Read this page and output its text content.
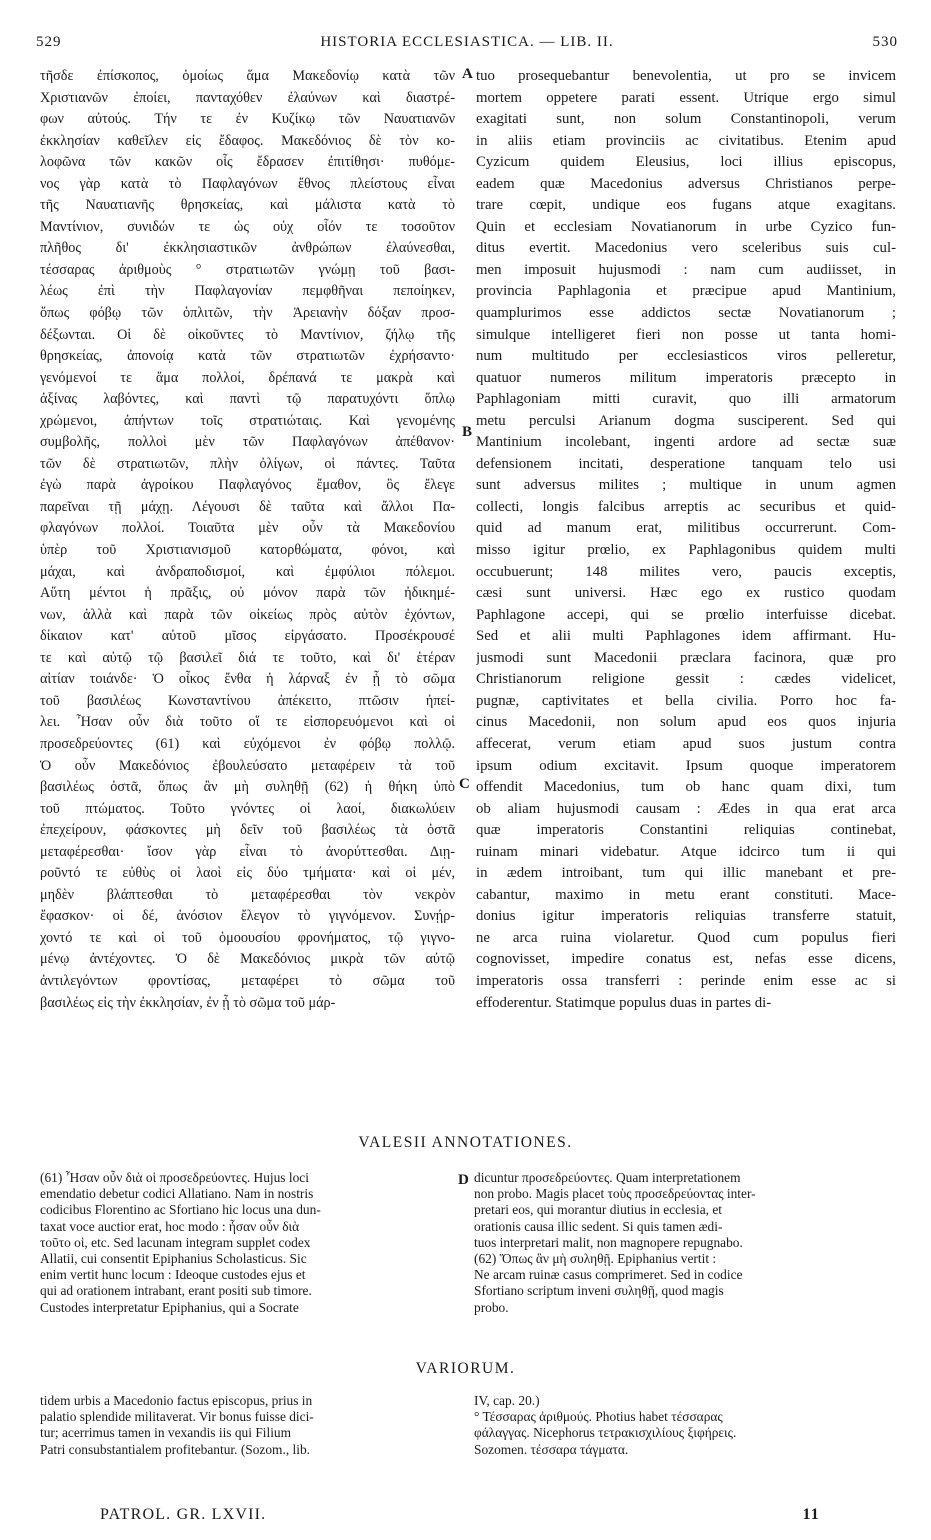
529	HISTORIA ECCLESIASTICA. — LIB. II.	530
τῆσδε ἐπίσκοπος, ὁμοίως ἅμα Μακεδονίῳ κατὰ τῶν
Χριστιανῶν ἐποίει, πανταχόθεν ἐλαύνων καὶ διαστρέ-
φων αὐτούς. Τήν τε ἐν Κυζίκῳ τῶν Ναυατιανῶν
ἐκκλησίαν καθεῖλεν εἰς ἔδαφος. Μακεδόνιος δὲ τὸν κο-
λοφῶνα τῶν κακῶν οἷς ἔδρασεν ἐπιτίθησι· πυθόμε-
νος γὰρ κατὰ τὸ Παφλαγόνων ἔθνος πλείστους εἶναι
τῆς Ναυατιανῆς θρησκείας, καὶ μάλιστα κατὰ τὸ
Μαντίνιον, συνιδών τε ὡς οὐχ οἷόν τε τοσοῦτον
πλῆθος δι' ἐκκλησιαστικῶν ἀνθρώπων ἐλαύνεσθαι,
τέσσαρας ἀριθμοὺς ° στρατιωτῶν γνώμῃ τοῦ βασι-
λέως ἐπὶ τὴν Παφλαγονίαν πεμφθῆναι πεποίηκεν,
ὅπως φόβῳ τῶν ὁπλιτῶν, τὴν Ἀρειανὴν δόξαν προσ-
δέξωνται. Οἱ δὲ οἰκοῦντες τὸ Μαντίνιον, ζήλῳ τῆς
θρησκείας, ἀπονοίᾳ κατὰ τῶν στρατιωτῶν ἐχρήσαντο·
γενόμενοί τε ἅμα πολλοί, δρέπανά τε μακρὰ καὶ
ἀξίνας λαβόντες, καὶ παντὶ τῷ παρατυχόντι ὅπλῳ
χρώμενοι, ἀπήντων τοῖς στρατιώταις. Καὶ γενομένης
συμβολῆς, πολλοὶ μὲν τῶν Παφλαγόνων ἀπέθανον·
τῶν δὲ στρατιωτῶν, πλὴν ὀλίγων, οἱ πάντες. Ταῦτα
ἐγὼ παρὰ ἀγροίκου Παφλαγόνος ἔμαθον, ὃς ἔλεγε
παρεῖναι τῇ μάχῃ. Λέγουσι δὲ ταῦτα καὶ ἄλλοι Πα-
φλαγόνων πολλοί. Τοιαῦτα μὲν οὖν τὰ Μακεδονίου
ὑπὲρ τοῦ Χριστιανισμοῦ κατορθώματα, φόνοι, καὶ
μάχαι, καὶ ἀνδραποδισμοί, καὶ ἐμφύλιοι πόλεμοι.
Αὕτη μέντοι ἡ πρᾶξις, οὐ μόνον παρὰ τῶν ἠδικημέ-
νων, ἀλλὰ καὶ παρὰ τῶν οἰκείως πρὸς αὐτὸν ἐχόντων,
δίκαιον κατ' αὐτοῦ μῖσος εἰργάσατο. Προσέκρουσέ
τε καὶ αὐτῷ τῷ βασιλεῖ διά τε τοῦτο, καὶ δι' ἑτέραν
αἰτίαν τοιάνδε· Ὁ οἶκος ἔνθα ἡ λάρναξ ἐν ᾗ τὸ σῶμα
τοῦ βασιλέως Κωνσταντίνου ἀπέκειτο, πτῶσιν ἠπεί-
λει. Ἦσαν οὖν διὰ τοῦτο οἵ τε εἰσπορευόμενοι καὶ οἱ
προσεδρεύοντες (61) καὶ εὐχόμενοι ἐν φόβῳ πολλῷ.
Ὁ οὖν Μακεδόνιος ἐβουλεύσατο μεταφέρειν τὰ τοῦ
βασιλέως ὀστᾶ, ὅπως ἂν μὴ συληθῇ (62) ἡ θήκη ὑπὸ
τοῦ πτώματος. Τοῦτο γνόντες οἱ λαοί, διακωλύειν
ἐπεχείρουν, φάσκοντες μὴ δεῖν τοῦ βασιλέως τὰ ὀστᾶ
μεταφέρεσθαι· ἴσον γὰρ εἶναι τὸ ἀνορύττεσθαι. Διῃ-
ροῦντό τε εὐθὺς οἱ λαοὶ εἰς δύο τμήματα· καὶ οἱ μέν,
μηδὲν βλάπτεσθαι τὸ μεταφέρεσθαι τὸν νεκρὸν
ἔφασκον· οἱ δέ, ἀνόσιον ἔλεγον τὸ γιγνόμενον. Συνῄρ-
χοντό τε καὶ οἱ τοῦ ὁμοουσίου φρονήματος, τῷ γιγνο-
μένῳ ἀντέχοντες. Ὁ δὲ Μακεδόνιος μικρὰ τῶν αὐτῷ
ἀντιλεγόντων φροντίσας, μεταφέρει τὸ σῶμα τοῦ
βασιλέως εἰς τὴν ἐκκλησίαν, ἐν ᾗ τὸ σῶμα τοῦ μάρ-
tuo prosequebantur benevolentia, ut pro se invicem
mortem oppetere parati essent. Utrique ergo simul
exagitati sunt, non solum Constantinopoli, verum
in aliis etiam provinciis ac civitatibus. Etenim apud
Cyzicum quidem Eleusius, loci illius episcopus,
eadem quæ Macedonius adversus Christianos perpe-
trare cœpit, undique eos fugans atque exagitans.
Quin et ecclesiam Novatianorum in urbe Cyzico fun-
ditus evertit. Macedonius vero sceleribus suis cul-
men imposuit hujusmodi : nam cum audiisset, in
provincia Paphlagonia et præcipue apud Mantinium,
quamplurimos esse addictos sectæ Novatianorum ;
simulque intelligeret fieri non posse ut tanta homi-
num multitudo per ecclesiasticos viros pelleretur,
quatuor numeros militum imperatoris præcepto in
Paphlagoniam mitti curavit, quo illi armatorum
metu perculsi Arianum dogma susciperent. Sed qui
Mantinium incolebant, ingenti ardore ad sectæ suæ
defensionem incitati, desperatione tanquam telo usi
sunt adversus milites ; multique in unum agmen
collecti, longis falcibus arreptis ac securibus et quid-
quid ad manum erat, militibus occurrerunt. Com-
misso igitur prœlio, ex Paphlagonibus quidem multi
occubuerunt; 148 milites vero, paucis exceptis,
cæsi sunt universi. Hæc ego ex rustico quodam
Paphlagone accepi, qui se prœlio interfuisse dicebat.
Sed et alii multi Paphlagones idem affirmant. Hu-
jusmodi sunt Macedonii præclara facinora, quæ pro
Christianorum religione gessit : cædes videlicet,
pugnæ, captivitates et bella civilia. Porro hoc fa-
cinus Macedonii, non solum apud eos quos injuria
affecerat, verum etiam apud suos justum contra
ipsum odium excitavit. Ipsum quoque imperatorem
offendit Macedonius, tum ob hanc quam dixi, tum
ob aliam hujusmodi causam : Ædes in qua erat arca
quæ imperatoris Constantini reliquias continebat,
ruinam minari videbatur. Atque idcirco tum ii qui
in ædem introibant, tum qui illic manebant et pre-
cabantur, maximo in metu erant constituti. Mace-
donius igitur imperatoris reliquias transferre statuit,
ne arca ruina violaretur. Quod cum populus fieri
cognovisset, impedire conatus est, nefas esse dicens,
imperatoris ossa transferri : perinde enim esse ac si
effoderentur. Statimque populus duas in partes di-
A
B
C
D
VALESII ANNOTATIONES.
(61) Ἦσαν οὖν διὰ οἱ προσεδρεύοντες. Hujus loci
emendatio debetur codici Allatiano. Nam in nostris
codicibus Florentino ac Sfortiano hic locus una dun-
taxat voce auctior erat, hoc modo : ἦσαν οὖν διὰ
τοῦτο οἱ, etc. Sed lacunam integram supplet codex
Allatii, cui consentit Epiphanius Scholasticus. Sic
enim vertit hunc locum : Ideoque custodes ejus et
qui ad orationem intrabant, erant positi sub timore.
Custodes interpretatur Epiphanius, qui a Socrate
dicuntur προσεδρεύοντες. Quam interpretationem
non probo. Magis placet τοὺς προσεδρεύοντας inter-
pretari eos, qui morantur diutius in ecclesia, et
orationis causa illic sedent. Si quis tamen ædi-
tuos interpretari malit, non magnopere repugnabo.
(62) Ὅπως ἂν μὴ συληθῇ. Epiphanius vertit :
Ne arcam ruinæ casus comprimeret. Sed in codice
Sfortiano scriptum inveni συληθῇ, quod magis
probo.
VARIORUM.
tidem urbis a Macedonio factus episcopus, prius in
palatio splendide militaverat. Vir bonus fuisse dici-
tur; acerrimus tamen in vexandis iis qui Filium
Patri consubstantialem profitebantur. (Sozom., lib.
IV, cap. 20.)
° Τέσσαρας ἀριθμούς. Photius habet τέσσαρας
φάλαγγας. Nicephorus τετρακισχιλίους ξιφήρεις.
Sozomen. τέσσαρα τάγματα.
PATROL. GR. LXVII.	11
